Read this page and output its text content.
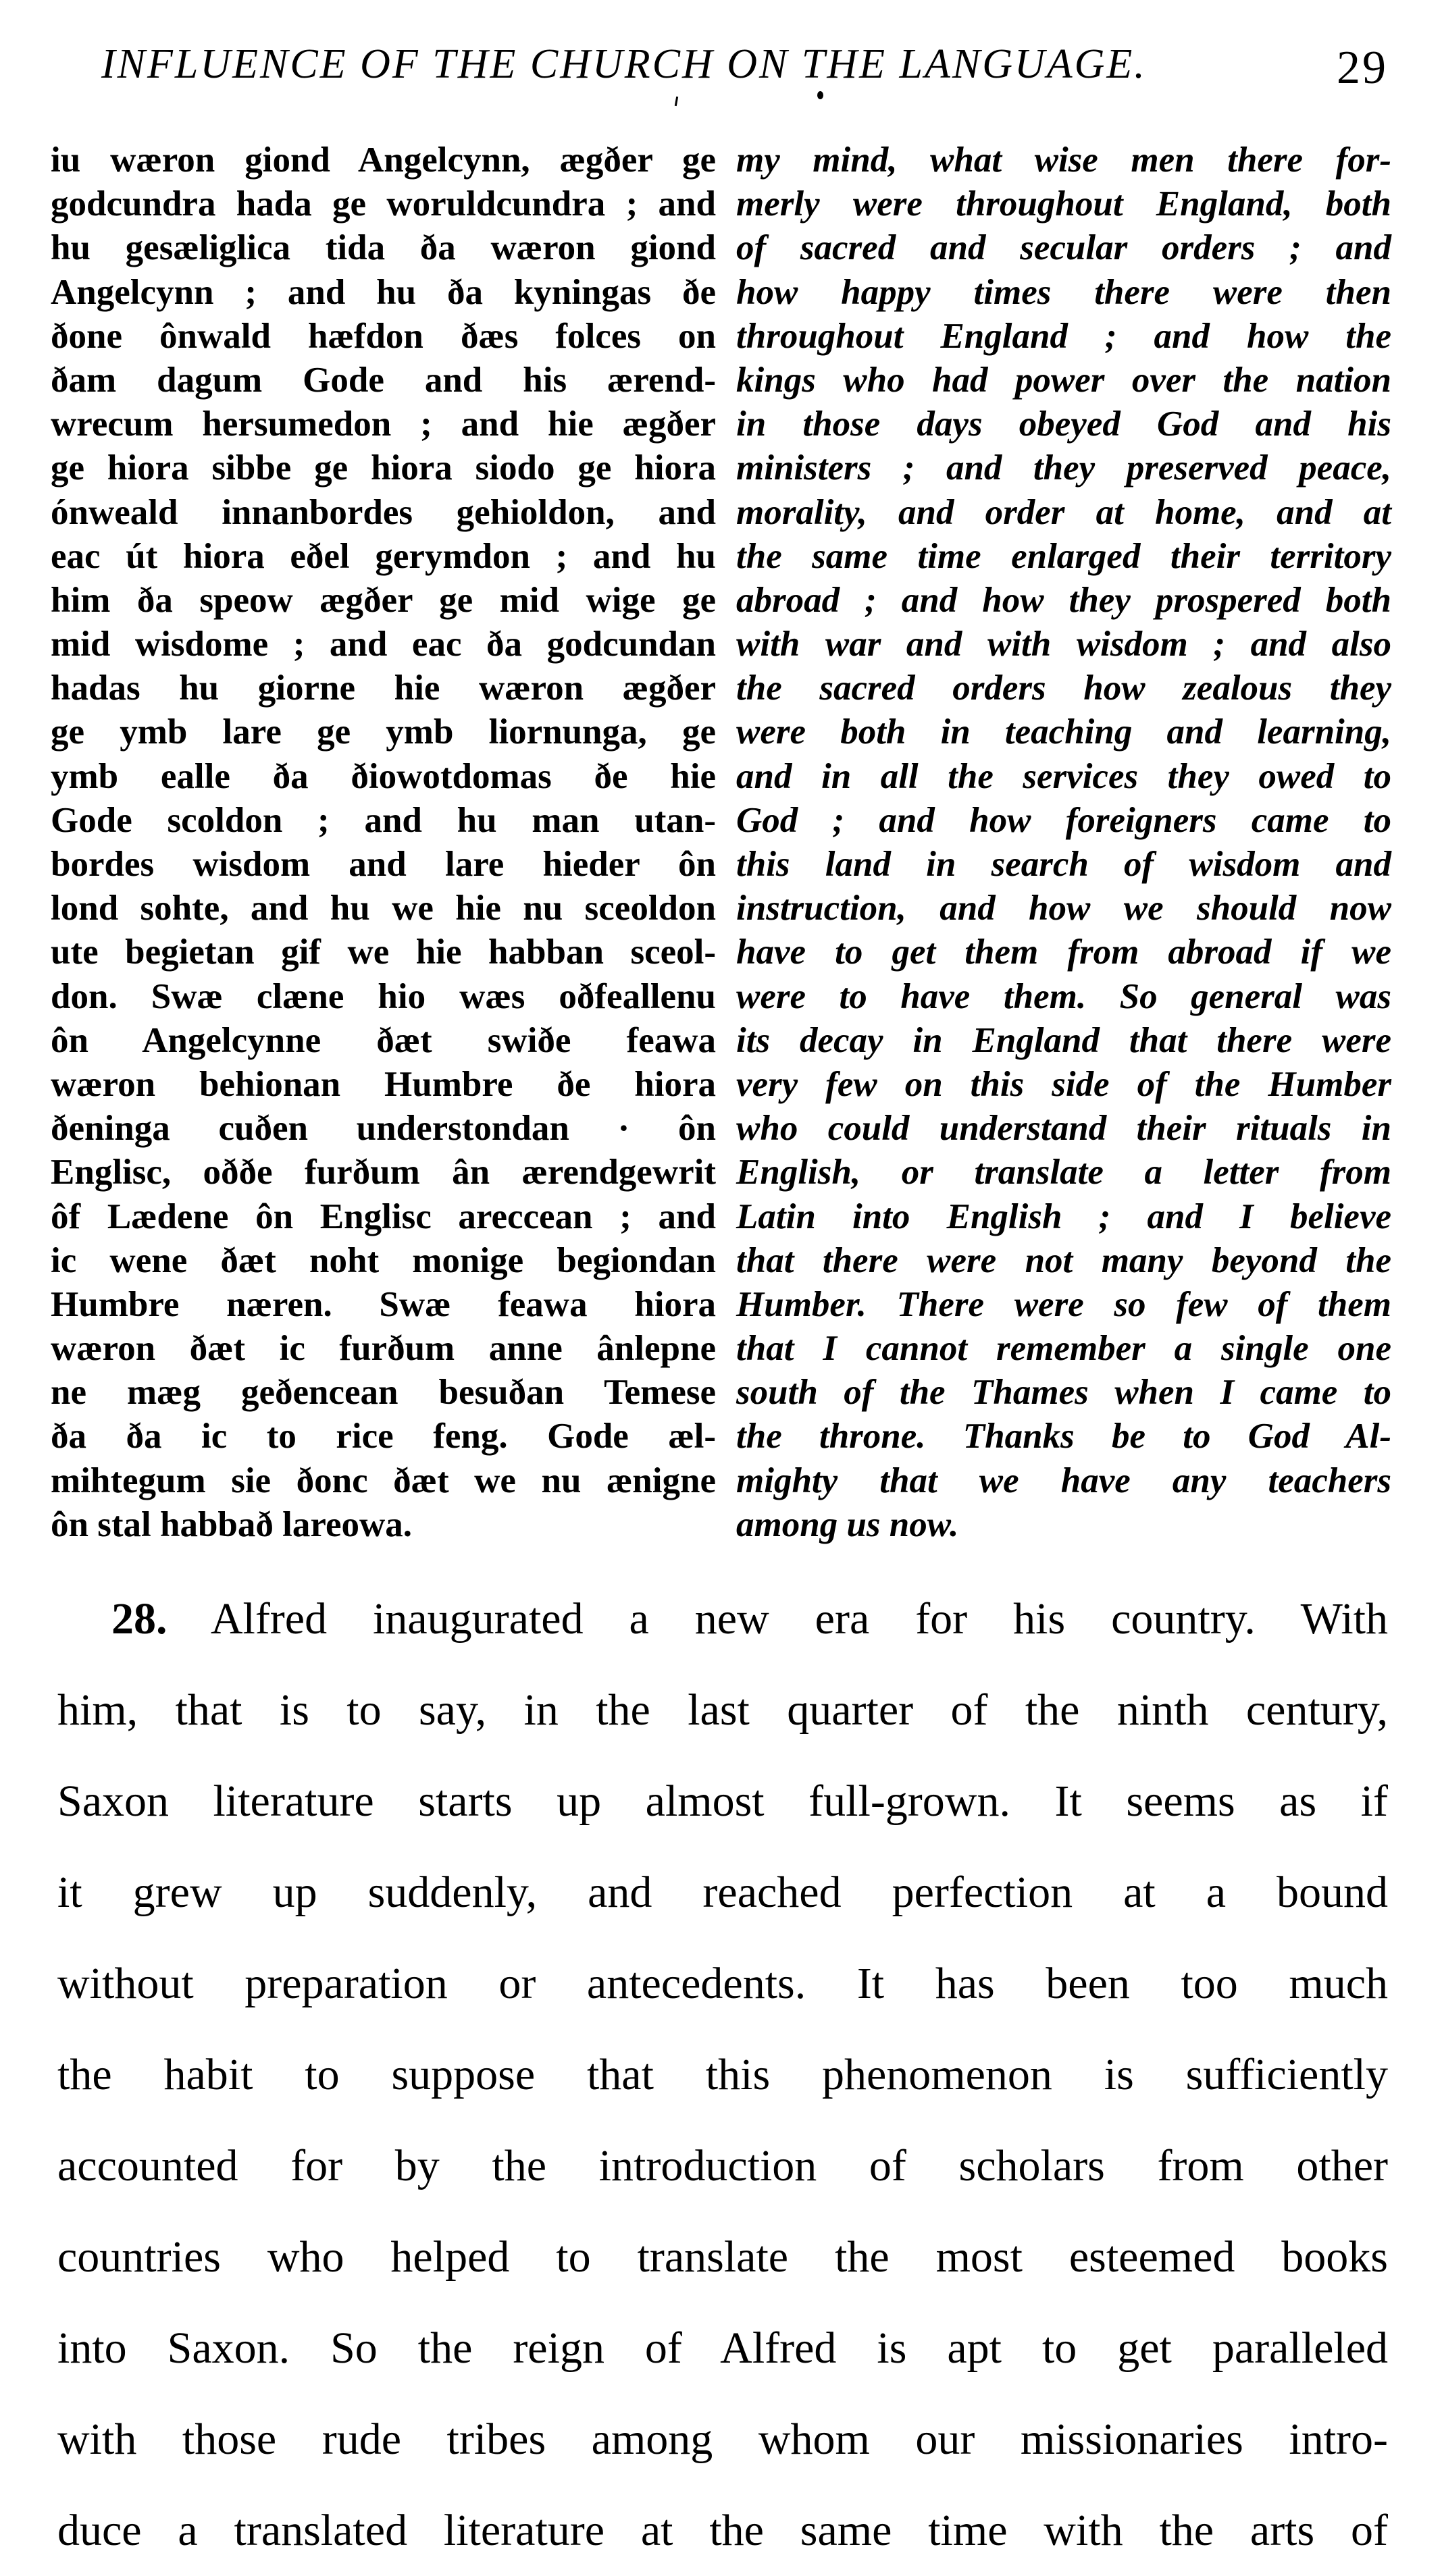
INFLUENCE OF THE CHURCH ON THE LANGUAGE.	29
iu wæron giond Angelcynn, ægðer ge
godcundra hada ge woruldcundra ; and
hu gesæliglica tida ða wæron giond
Angelcynn ; and hu ða kyningas ðe
ðone ônwald hæfdon ðæs folces on
ðam dagum Gode and his ærend-
wrecum hersumedon ; and hie ægðer
ge hiora sibbe ge hiora siodo ge hiora
ónweald innanbordes gehioldon, and
eac út hiora eðel gerymdon ; and hu
him ða speow ægðer ge mid wige ge
mid wisdome ; and eac ða godcundan
hadas hu giorne hie wæron ægðer
ge ymb lare ge ymb liornunga, ge
ymb ealle ða ðiowotdomas ðe hie
Gode scoldon ; and hu man utan-
bordes wisdom and lare hieder ôn
lond sohte, and hu we hie nu sceoldon
ute begietan gif we hie habban sceol-
don. Swæ clæne hio wæs oðfeallenu
ôn Angelcynne ðæt swiðe feawa
wæron behionan Humbre ðe hiora
ðeninga cuðen understondan · ôn
Englisc, oððe furðum ân ærendgewrit
ôf Lædene ôn Englisc areccean ; and
ic wene ðæt noht monige begiondan
Humbre næren. Swæ feawa hiora
wæron ðæt ic furðum anne ânlepne
ne mæg geðencean besuðan Temese
ða ða ic to rice feng. Gode æl-
mihtegum sie ðonc ðæt we nu ænigne
ôn stal habbað lareowa.
my mind, what wise men there for-
merly were throughout England, both
of sacred and secular orders ; and
how happy times there were then
throughout England ; and how the
kings who had power over the nation
in those days obeyed God and his
ministers ; and they preserved peace,
morality, and order at home, and at
the same time enlarged their territory
abroad ; and how they prospered both
with war and with wisdom ; and also
the sacred orders how zealous they
were both in teaching and learning,
and in all the services they owed to
God ; and how foreigners came to
this land in search of wisdom and
instruction, and how we should now
have to get them from abroad if we
were to have them. So general was
its decay in England that there were
very few on this side of the Humber
who could understand their rituals in
English, or translate a letter from
Latin into English ; and I believe
that there were not many beyond the
Humber. There were so few of them
that I cannot remember a single one
south of the Thames when I came to
the throne. Thanks be to God Al-
mighty that we have any teachers
among us now.
28. Alfred inaugurated a new era for his country. With
him, that is to say, in the last quarter of the ninth century,
Saxon literature starts up almost full-grown. It seems as if
it grew up suddenly, and reached perfection at a bound
without preparation or antecedents. It has been too much
the habit to suppose that this phenomenon is sufficiently
accounted for by the introduction of scholars from other
countries who helped to translate the most esteemed books
into Saxon. So the reign of Alfred is apt to get paralleled
with those rude tribes among whom our missionaries intro-
duce a translated literature at the same time with the arts of
